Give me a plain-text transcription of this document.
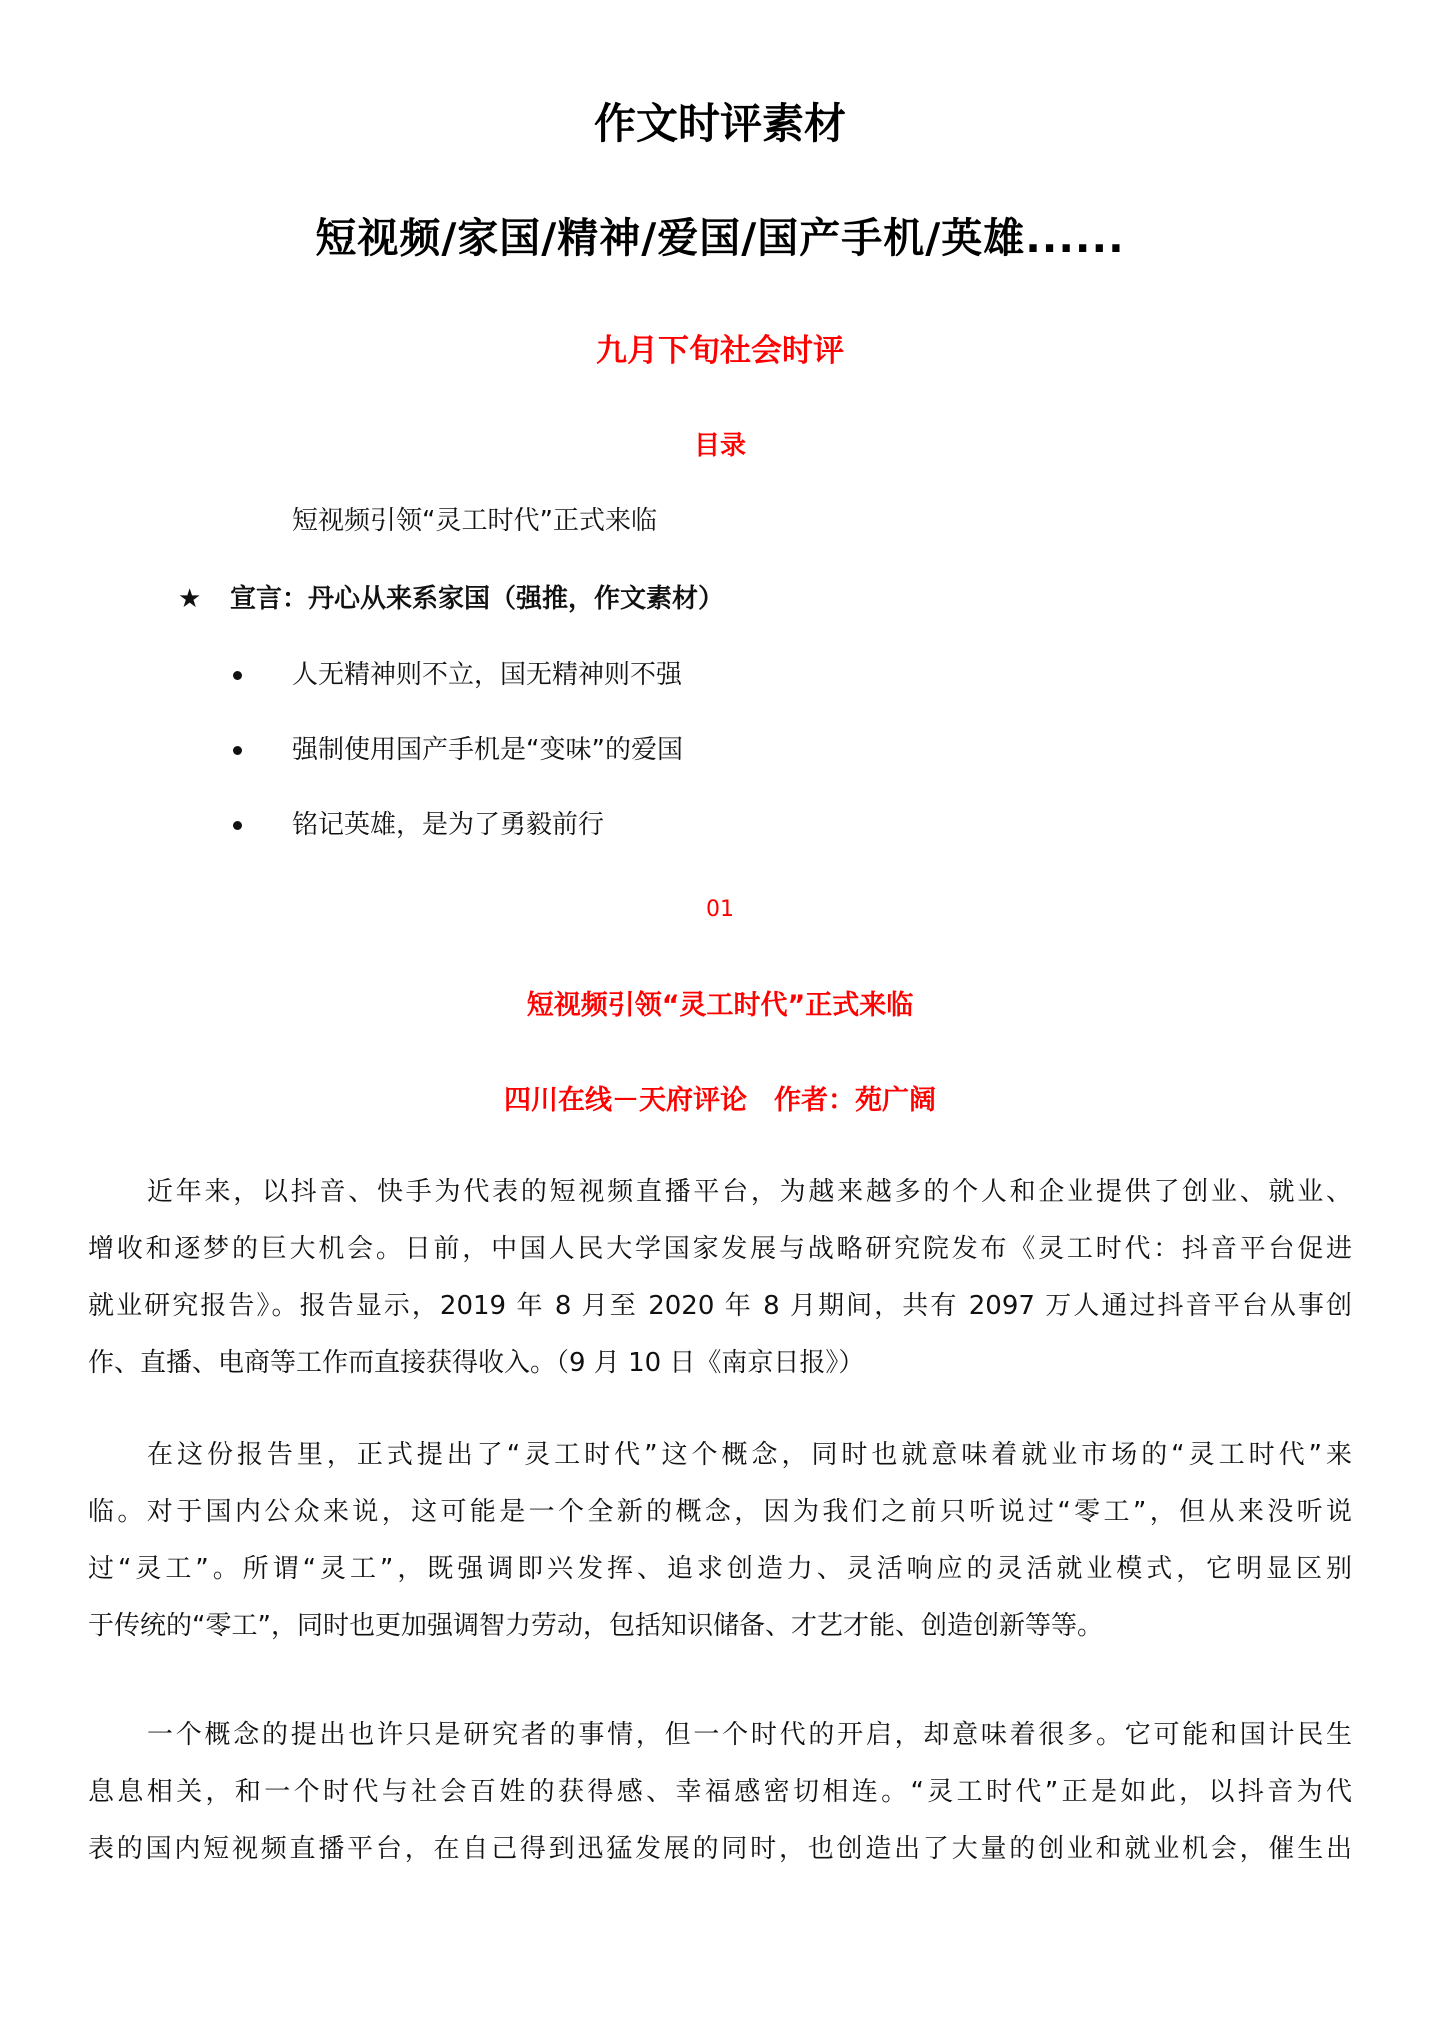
作文时评素材
短视频/家国/精神/爱国/国产手机/英雄......
九月下旬社会时评
目录
短视频引领“灵工时代”正式来临
★ 宣言：丹心从来系家国（强推，作文素材）
人无精神则不立，国无精神则不强
强制使用国产手机是“变味”的爱国
铭记英雄，是为了勇毅前行
01
短视频引领“灵工时代”正式来临
四川在线－天府评论　作者：苑广阔
近年来，以抖音、快手为代表的短视频直播平台，为越来越多的个人和企业提供了创业、就业、
增收和逐梦的巨大机会。日前，中国人民大学国家发展与战略研究院发布《灵工时代：抖音平台促进
就业研究报告》。报告显示，2019 年 8 月至 2020 年 8 月期间，共有 2097 万人通过抖音平台从事创
作、直播、电商等工作而直接获得收入。（9 月 10 日《南京日报》）
在这份报告里，正式提出了“灵工时代”这个概念，同时也就意味着就业市场的“灵工时代”来
临。对于国内公众来说，这可能是一个全新的概念，因为我们之前只听说过“零工”，但从来没听说
过“灵工”。所谓“灵工”，既强调即兴发挥、追求创造力、灵活响应的灵活就业模式，它明显区别
于传统的“零工”，同时也更加强调智力劳动，包括知识储备、才艺才能、创造创新等等。
一个概念的提出也许只是研究者的事情，但一个时代的开启，却意味着很多。它可能和国计民生
息息相关，和一个时代与社会百姓的获得感、幸福感密切相连。“灵工时代”正是如此，以抖音为代
表的国内短视频直播平台，在自己得到迅猛发展的同时，也创造出了大量的创业和就业机会，催生出
